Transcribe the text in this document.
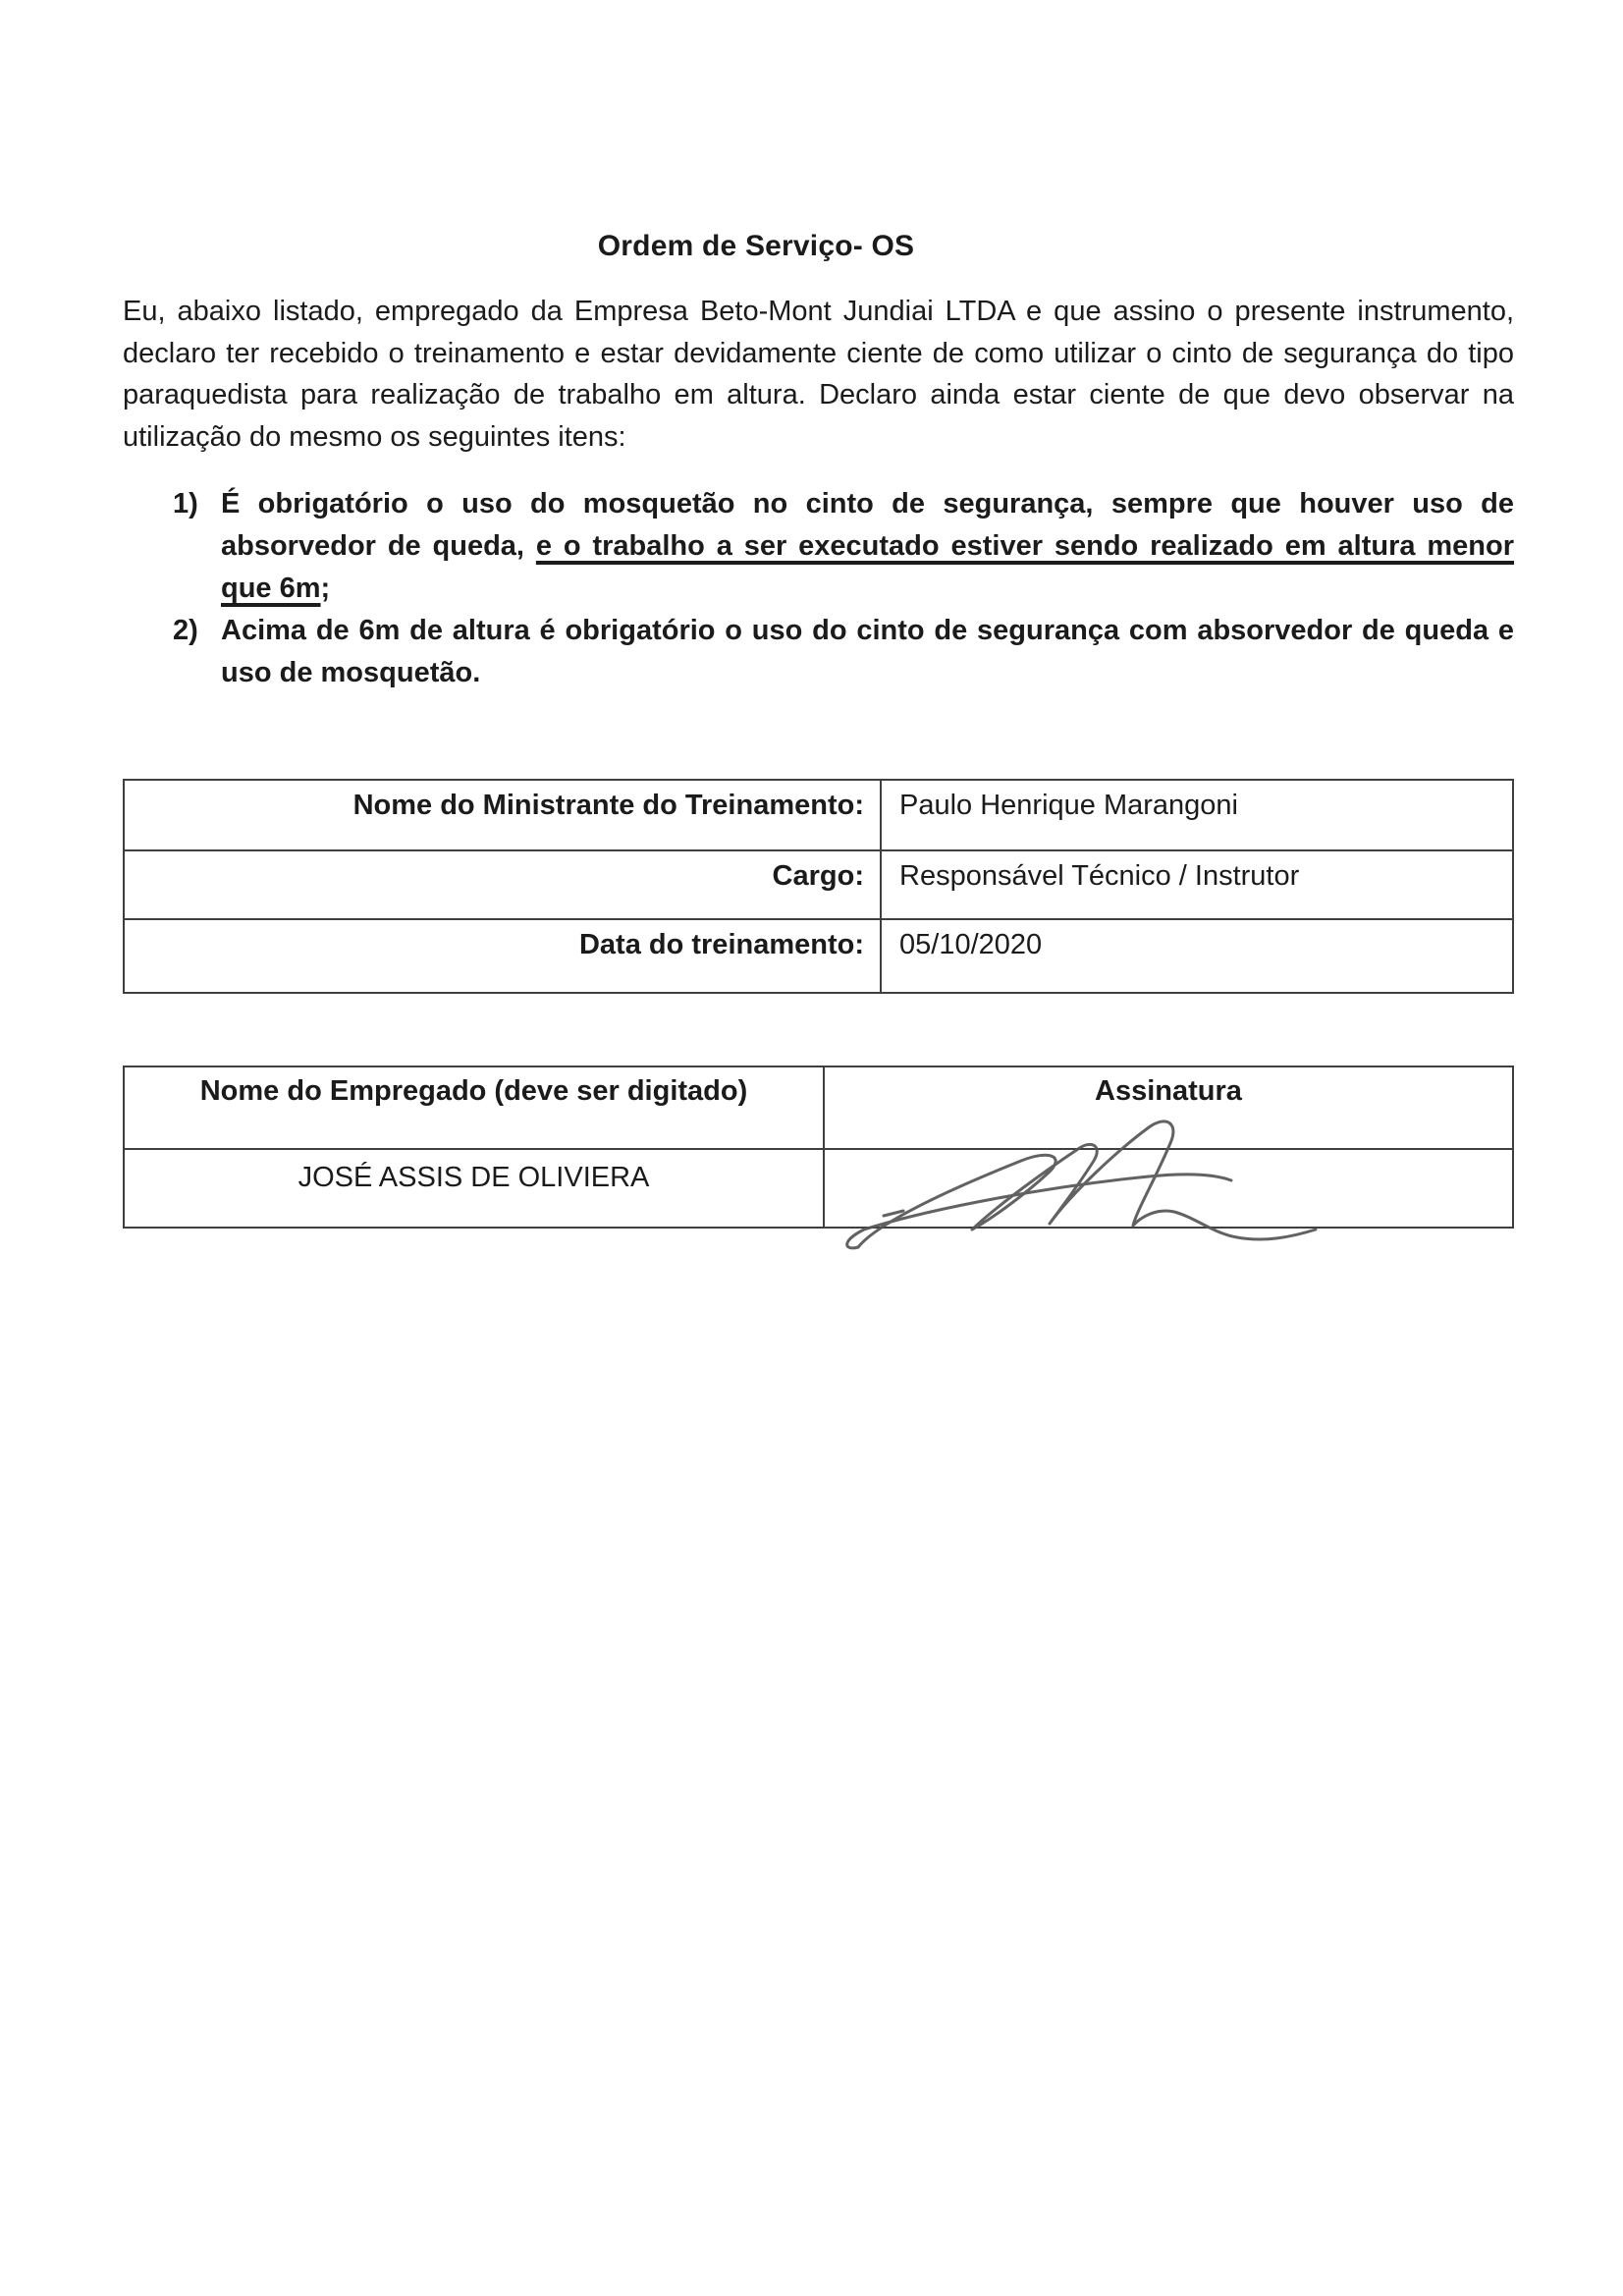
Ordem de Serviço- OS

Eu, abaixo listado, empregado da Empresa Beto-Mont Jundiai LTDA e que assino o presente instrumento, declaro ter recebido o treinamento e estar devidamente ciente de como utilizar o cinto de segurança do tipo paraquedista para realização de trabalho em altura. Declaro ainda estar ciente de que devo observar na utilização do mesmo os seguintes itens:

1) É obrigatório o uso do mosquetão no cinto de segurança, sempre que houver uso de absorvedor de queda, e o trabalho a ser executado estiver sendo realizado em altura menor que 6m;
2) Acima de 6m de altura é obrigatório o uso do cinto de segurança com absorvedor de queda e uso de mosquetão.
Nome do Ministrante do Treinamento:	Paulo Henrique Marangoni
Cargo:	Responsável Técnico / Instrutor
Data do treinamento:	05/10/2020
Nome do Empregado (deve ser digitado)	Assinatura
JOSÉ ASSIS DE OLIVIERA
